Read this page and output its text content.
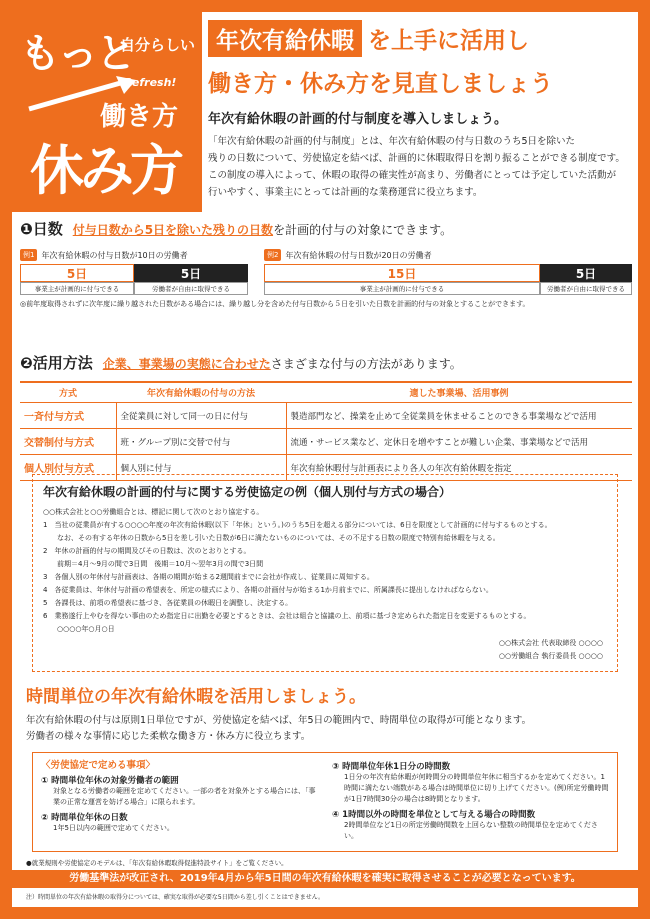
もっと
自分らしい
Refresh!
働き方
休み方
年次有給休暇 を上手に活用し
働き方・休み方を見直しましょう
年次有給休暇の計画的付与制度を導入しましょう。
「年次有給休暇の計画的付与制度」とは、年次有給休暇の付与日数のうち5日を除いた
残りの日数について、労使協定を結べば、計画的に休暇取得日を割り振ることができる制度です。
この制度の導入によって、休暇の取得の確実性が高まり、労働者にとっては予定していた活動が
行いやすく、事業主にとっては計画的な業務運営に役立ちます。
❶日数 付与日数から5日を除いた残りの日数を計画的付与の対象にできます。
例1 年次有給休暇の付与日数が10日の労働者
5日	5日
事業主が計画的に付与できる	労働者が自由に取得できる
例2 年次有給休暇の付与日数が20日の労働者
15日	5日
事業主が計画的に付与できる	労働者が自由に取得できる
◎前年度取得されずに次年度に繰り越された日数がある場合には、繰り越し分を含めた付与日数から５日を引いた日数を計画的付与の対象とすることができます。
❷活用方法 企業、事業場の実態に合わせたさまざまな付与の方法があります。
方式	年次有給休暇の付与の方法	適した事業場、活用事例
一斉付与方式	全従業員に対して同一の日に付与	製造部門など、操業を止めて全従業員を休ませることのできる事業場などで活用
交替制付与方式	班・グループ別に交替で付与	流通・サービス業など、定休日を増やすことが難しい企業、事業場などで活用
個人別付与方式	個人別に付与	年次有給休暇付与計画表により各人の年次有給休暇を指定
年次有給休暇の計画的付与に関する労使協定の例（個人別付与方式の場合）
○○株式会社と○○労働組合とは、標記に関して次のとおり協定する。
1　当社の従業員が有する○○○○年度の年次有給休暇(以下「年休」という。)のうち5日を超える部分については、6日を限度として計画的に付与するものとする。
　　なお、その有する年休の日数から5日を差し引いた日数が6日に満たないものについては、その不足する日数の限度で特別有給休暇を与える。
2　年休の計画的付与の期間及びその日数は、次のとおりとする。
　　前期＝4月〜9月の間で3日間　後期＝10月〜翌年3月の間で3日間
3　各個人別の年休付与計画表は、各期の期間が始まる2週間前までに会社が作成し、従業員に周知する。
4　各従業員は、年休付与計画の希望表を、所定の様式により、各期の計画付与が始まる1か月前までに、所属課長に提出しなければならない。
5　各課長は、前項の希望表に基づき、各従業員の休暇日を調整し、決定する。
6　業務遂行上やむを得ない事由のため指定日に出勤を必要とするときは、会社は組合と協議の上、前項に基づき定められた指定日を変更するものとする。
　　○○○○年○月○日
○○株式会社 代表取締役 ○○○○
○○労働組合 執行委員長 ○○○○
時間単位の年次有給休暇を活用しましょう。
年次有給休暇の付与は原則1日単位ですが、労使協定を結べば、年5日の範囲内で、時間単位の取得が可能となります。
労働者の様々な事情に応じた柔軟な働き方・休み方に役立ちます。
〈労使協定で定める事項〉
① 時間単位年休の対象労働者の範囲
対象となる労働者の範囲を定めてください。一部の者を対象外とする場合には、「事業の正常な運営を妨げる場合」に限られます。
② 時間単位年休の日数
1年5日以内の範囲で定めてください。
③ 時間単位年休1日分の時間数
1日分の年次有給休暇が何時間分の時間単位年休に相当するかを定めてください。1時間に満たない端数がある場合は時間単位に切り上げてください。(例)所定労働時間が1日7時間30分の場合は8時間となります。
④ 1時間以外の時間を単位として与える場合の時間数
2時間単位など1日の所定労働時間数を上回らない整数の時間単位を定めてください。
●就業規則や労使協定のモデルは、「年次有給休暇取得促進特設サイト」をご覧ください。
労働基準法が改正され、2019年4月から年5日間の年次有給休暇を確実に取得させることが必要となっています。
注）時間単位の年次有給休暇の取得分については、確実な取得が必要な5日間から差し引くことはできません。
